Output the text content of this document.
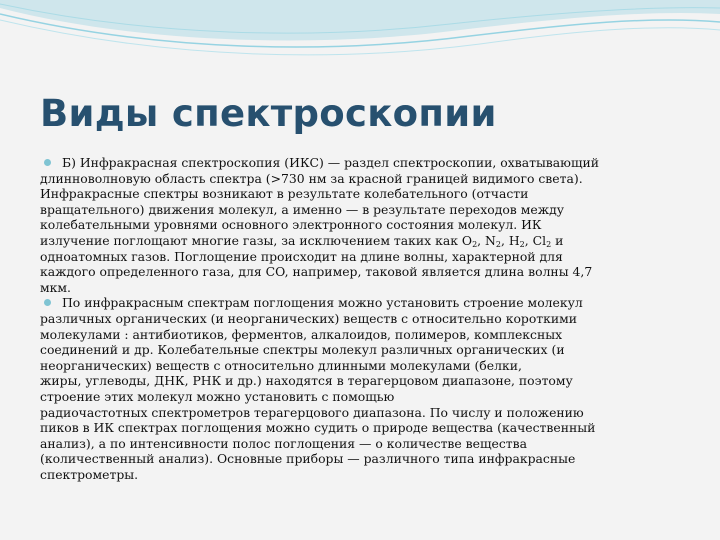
Виды спектроскопии
Б) Инфракрасная спектроскопия (ИКС) — раздел спектроскопии, охватывающий
длинноволновую область спектра (>730 нм за красной границей видимого света).
Инфракрасные спектры возникают в результате колебательного (отчасти
вращательного) движения молекул, а именно — в результате переходов между
колебательными уровнями основного электронного состояния молекул. ИК
излучение поглощают многие газы, за исключением таких как $O_2$, $N_2$, $H_2$, $Cl_2$ и
одноатомных газов. Поглощение происходит на длине волны, характерной для
каждого определенного газа, для CO, например, таковой является длина волны 4,7
мкм.
По инфракрасным спектрам поглощения можно установить строение молекул
различных органических (и неорганических) веществ с относительно короткими
молекулами : антибиотиков, ферментов, алкалоидов, полимеров, комплексных
соединений и др. Колебательные спектры молекул различных органических (и
неорганических) веществ с относительно длинными молекулами (белки,
жиры, углеводы, ДНК, РНК и др.) находятся в терагерцовом диапазоне, поэтому
строение этих молекул можно установить с помощью
радиочастотных спектрометров терагерцового диапазона. По числу и положению
пиков в ИК спектрах поглощения можно судить о природе вещества (качественный
анализ), а по интенсивности полос поглощения — о количестве вещества
(количественный анализ). Основные приборы — различного типа инфракрасные
спектрометры.
